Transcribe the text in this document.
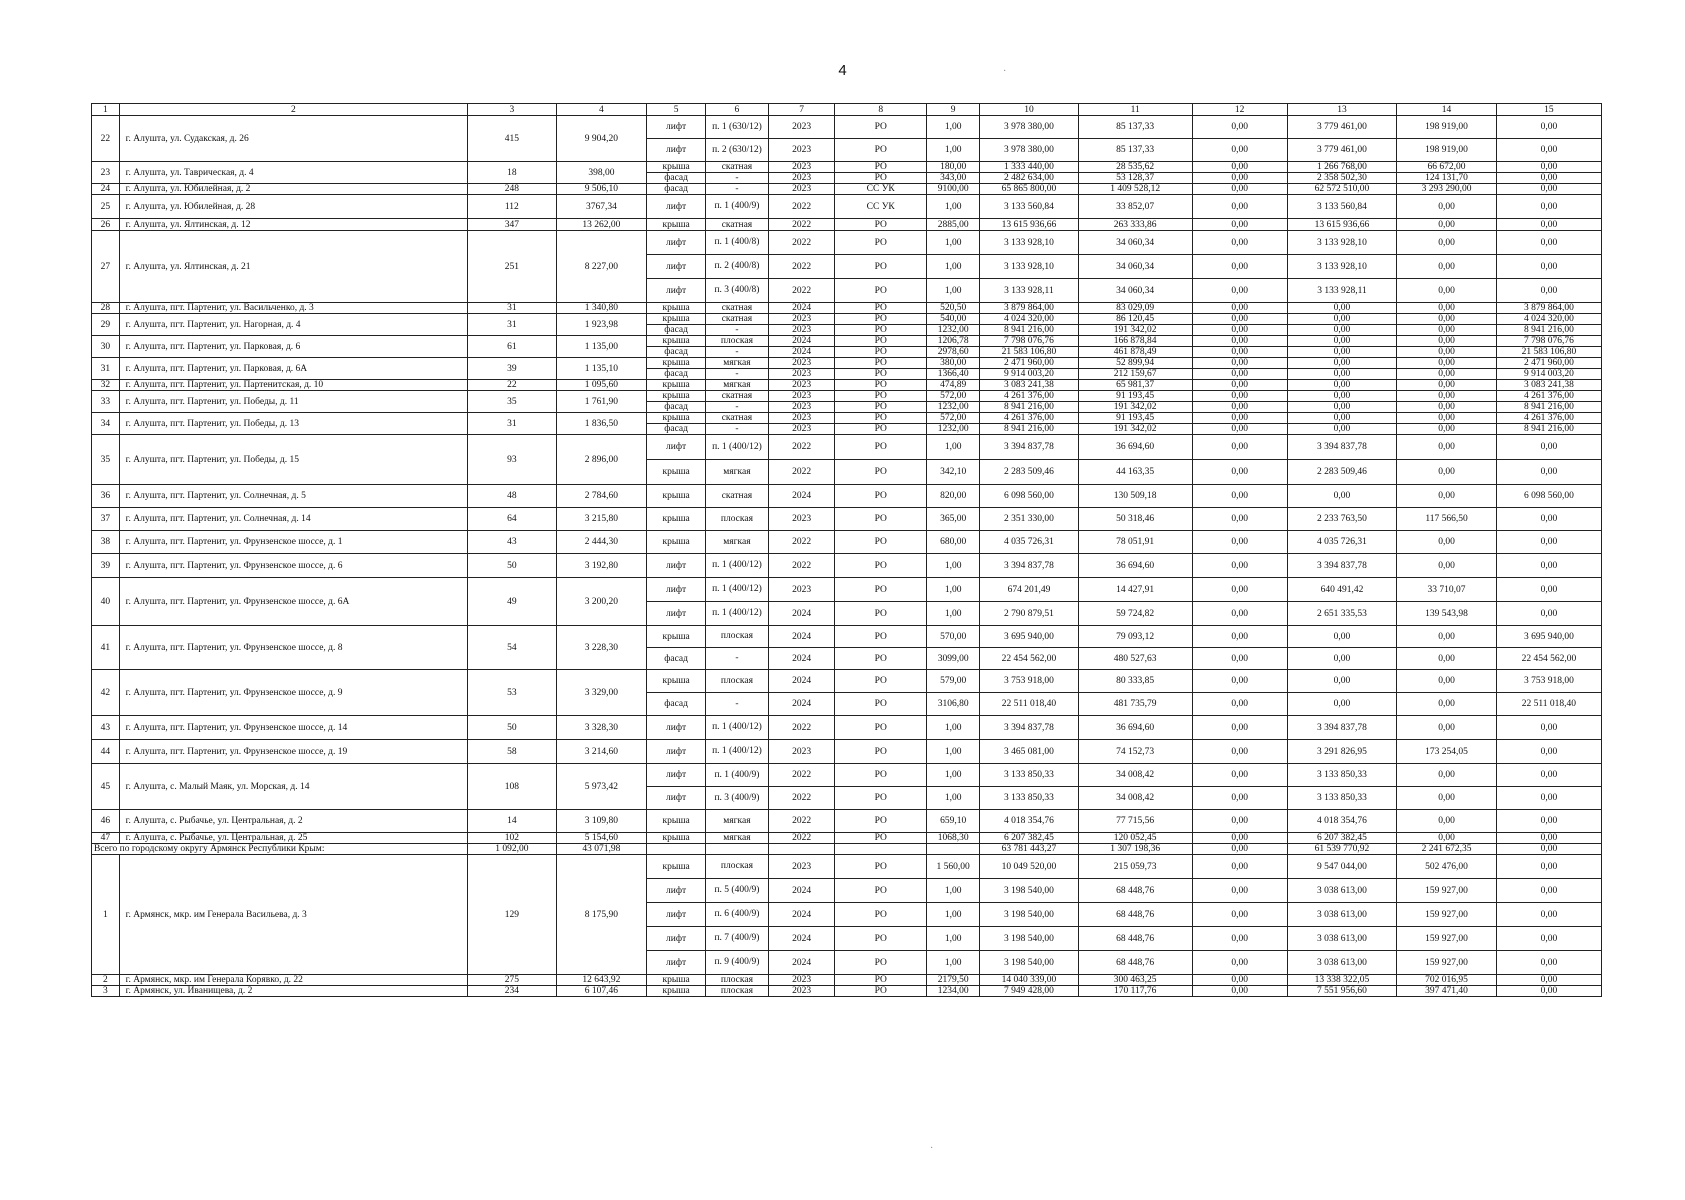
4	·
·
1	2	3	4	5	6	7	8	9	10	11	12	13	14	15
22	г. Алушта, ул. Судакская, д. 26	415	9 904,20	лифт	п. 1 (630/12)	2023	РО	1,00	3 978 380,00	85 137,33	0,00	3 779 461,00	198 919,00	0,00
				лифт	п. 2 (630/12)	2023	РО	1,00	3 978 380,00	85 137,33	0,00	3 779 461,00	198 919,00	0,00
23	г. Алушта, ул. Таврическая, д. 4	18	398,00	крыша	скатная	2023	РО	180,00	1 333 440,00	28 535,62	0,00	1 266 768,00	66 672,00	0,00
				фасад	-	2023	РО	343,00	2 482 634,00	53 128,37	0,00	2 358 502,30	124 131,70	0,00
24	г. Алушта, ул. Юбилейная, д. 2	248	9 506,10	фасад	-	2023	СС УК	9100,00	65 865 800,00	1 409 528,12	0,00	62 572 510,00	3 293 290,00	0,00
25	г. Алушта, ул. Юбилейная, д. 28	112	3767,34	лифт	п. 1 (400/9)	2022	СС УК	1,00	3 133 560,84	33 852,07	0,00	3 133 560,84	0,00	0,00
26	г. Алушта, ул. Ялтинская, д. 12	347	13 262,00	крыша	скатная	2022	РО	2885,00	13 615 936,66	263 333,86	0,00	13 615 936,66	0,00	0,00
27	г. Алушта, ул. Ялтинская, д. 21	251	8 227,00	лифт	п. 1 (400/8)	2022	РО	1,00	3 133 928,10	34 060,34	0,00	3 133 928,10	0,00	0,00
				лифт	п. 2 (400/8)	2022	РО	1,00	3 133 928,10	34 060,34	0,00	3 133 928,10	0,00	0,00
				лифт	п. 3 (400/8)	2022	РО	1,00	3 133 928,11	34 060,34	0,00	3 133 928,11	0,00	0,00
28	г. Алушта, пгт. Партенит, ул. Васильченко, д. 3	31	1 340,80	крыша	скатная	2024	РО	520,50	3 879 864,00	83 029,09	0,00	0,00	0,00	3 879 864,00
29	г. Алушта, пгт. Партенит, ул. Нагорная, д. 4	31	1 923,98	крыша	скатная	2023	РО	540,00	4 024 320,00	86 120,45	0,00	0,00	0,00	4 024 320,00
				фасад	-	2023	РО	1232,00	8 941 216,00	191 342,02	0,00	0,00	0,00	8 941 216,00
30	г. Алушта, пгт. Партенит, ул. Парковая, д. 6	61	1 135,00	крыша	плоская	2024	РО	1206,78	7 798 076,76	166 878,84	0,00	0,00	0,00	7 798 076,76
				фасад	-	2024	РО	2978,60	21 583 106,80	461 878,49	0,00	0,00	0,00	21 583 106,80
31	г. Алушта, пгт. Партенит, ул. Парковая, д. 6А	39	1 135,10	крыша	мягкая	2023	РО	380,00	2 471 960,00	52 899,94	0,00	0,00	0,00	2 471 960,00
				фасад	-	2023	РО	1366,40	9 914 003,20	212 159,67	0,00	0,00	0,00	9 914 003,20
32	г. Алушта, пгт. Партенит, ул. Партенитская, д. 10	22	1 095,60	крыша	мягкая	2023	РО	474,89	3 083 241,38	65 981,37	0,00	0,00	0,00	3 083 241,38
33	г. Алушта, пгт. Партенит, ул. Победы, д. 11	35	1 761,90	крыша	скатная	2023	РО	572,00	4 261 376,00	91 193,45	0,00	0,00	0,00	4 261 376,00
				фасад	-	2023	РО	1232,00	8 941 216,00	191 342,02	0,00	0,00	0,00	8 941 216,00
34	г. Алушта, пгт. Партенит, ул. Победы, д. 13	31	1 836,50	крыша	скатная	2023	РО	572,00	4 261 376,00	91 193,45	0,00	0,00	0,00	4 261 376,00
				фасад	-	2023	РО	1232,00	8 941 216,00	191 342,02	0,00	0,00	0,00	8 941 216,00
35	г. Алушта, пгт. Партенит, ул. Победы, д. 15	93	2 896,00	лифт	п. 1 (400/12)	2022	РО	1,00	3 394 837,78	36 694,60	0,00	3 394 837,78	0,00	0,00
				крыша	мягкая	2022	РО	342,10	2 283 509,46	44 163,35	0,00	2 283 509,46	0,00	0,00
36	г. Алушта, пгт. Партенит, ул. Солнечная, д. 5	48	2 784,60	крыша	скатная	2024	РО	820,00	6 098 560,00	130 509,18	0,00	0,00	0,00	6 098 560,00
37	г. Алушта, пгт. Партенит, ул. Солнечная, д. 14	64	3 215,80	крыша	плоская	2023	РО	365,00	2 351 330,00	50 318,46	0,00	2 233 763,50	117 566,50	0,00
38	г. Алушта, пгт. Партенит, ул. Фрунзенское шоссе, д. 1	43	2 444,30	крыша	мягкая	2022	РО	680,00	4 035 726,31	78 051,91	0,00	4 035 726,31	0,00	0,00
39	г. Алушта, пгт. Партенит, ул. Фрунзенское шоссе, д. 6	50	3 192,80	лифт	п. 1 (400/12)	2022	РО	1,00	3 394 837,78	36 694,60	0,00	3 394 837,78	0,00	0,00
40	г. Алушта, пгт. Партенит, ул. Фрунзенское шоссе, д. 6А	49	3 200,20	лифт	п. 1 (400/12)	2023	РО	1,00	674 201,49	14 427,91	0,00	640 491,42	33 710,07	0,00
				лифт	п. 1 (400/12)	2024	РО	1,00	2 790 879,51	59 724,82	0,00	2 651 335,53	139 543,98	0,00
41	г. Алушта, пгт. Партенит, ул. Фрунзенское шоссе, д. 8	54	3 228,30	крыша	плоская	2024	РО	570,00	3 695 940,00	79 093,12	0,00	0,00	0,00	3 695 940,00
				фасад	-	2024	РО	3099,00	22 454 562,00	480 527,63	0,00	0,00	0,00	22 454 562,00
42	г. Алушта, пгт. Партенит, ул. Фрунзенское шоссе, д. 9	53	3 329,00	крыша	плоская	2024	РО	579,00	3 753 918,00	80 333,85	0,00	0,00	0,00	3 753 918,00
				фасад	-	2024	РО	3106,80	22 511 018,40	481 735,79	0,00	0,00	0,00	22 511 018,40
43	г. Алушта, пгт. Партенит, ул. Фрунзенское шоссе, д. 14	50	3 328,30	лифт	п. 1 (400/12)	2022	РО	1,00	3 394 837,78	36 694,60	0,00	3 394 837,78	0,00	0,00
44	г. Алушта, пгт. Партенит, ул. Фрунзенское шоссе, д. 19	58	3 214,60	лифт	п. 1 (400/12)	2023	РО	1,00	3 465 081,00	74 152,73	0,00	3 291 826,95	173 254,05	0,00
45	г. Алушта, с. Малый Маяк, ул. Морская, д. 14	108	5 973,42	лифт	п. 1 (400/9)	2022	РО	1,00	3 133 850,33	34 008,42	0,00	3 133 850,33	0,00	0,00
				лифт	п. 3 (400/9)	2022	РО	1,00	3 133 850,33	34 008,42	0,00	3 133 850,33	0,00	0,00
46	г. Алушта, с. Рыбачье, ул. Центральная, д. 2	14	3 109,80	крыша	мягкая	2022	РО	659,10	4 018 354,76	77 715,56	0,00	4 018 354,76	0,00	0,00
47	г. Алушта, с. Рыбачье, ул. Центральная, д. 25	102	5 154,60	крыша	мягкая	2022	РО	1068,30	6 207 382,45	120 052,45	0,00	6 207 382,45	0,00	0,00
Всего по городскому округу Армянск Республики Крым:		1 092,00	43 071,98						63 781 443,27	1 307 198,36	0,00	61 539 770,92	2 241 672,35	0,00
1	г. Армянск, мкр. им Генерала Васильева, д. 3	129	8 175,90	крыша	плоская	2023	РО	1 560,00	10 049 520,00	215 059,73	0,00	9 547 044,00	502 476,00	0,00
				лифт	п. 5 (400/9)	2024	РО	1,00	3 198 540,00	68 448,76	0,00	3 038 613,00	159 927,00	0,00
				лифт	п. 6 (400/9)	2024	РО	1,00	3 198 540,00	68 448,76	0,00	3 038 613,00	159 927,00	0,00
				лифт	п. 7 (400/9)	2024	РО	1,00	3 198 540,00	68 448,76	0,00	3 038 613,00	159 927,00	0,00
				лифт	п. 9 (400/9)	2024	РО	1,00	3 198 540,00	68 448,76	0,00	3 038 613,00	159 927,00	0,00
2	г. Армянск, мкр. им Генерала Корявко, д. 22	275	12 643,92	крыша	плоская	2023	РО	2179,50	14 040 339,00	300 463,25	0,00	13 338 322,05	702 016,95	0,00
3	г. Армянск, ул. Иванищева, д. 2	234	6 107,46	крыша	плоская	2023	РО	1234,00	7 949 428,00	170 117,76	0,00	7 551 956,60	397 471,40	0,00
